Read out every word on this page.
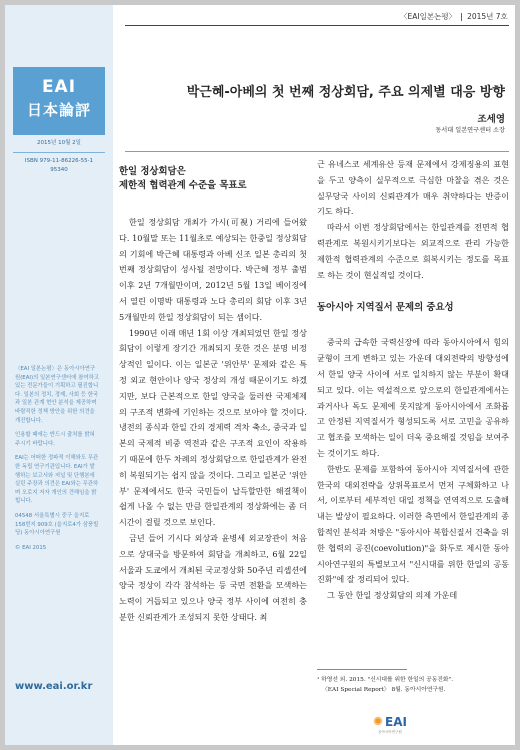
EAI
日本論評
2015년 10월 2일
ISBN 979-11-86226-55-1
95340

〈EAI 일본논평〉은 동아시아연구원(EAI)의 일본연구센터에 참여하고 있는 전문가들이 기획하고 필진합니다. 일본의 정치, 경제, 사회 등 한국과 일본 관계 현안 분석을 제공하며 바람직한 정책 방안을 위한 의견을 개진합니다.

인용할 때에는 반드시 출처를 밝혀주시기 바랍니다.

EAI는 어떠한 정파적 이해와도 무관한 독립 연구기관입니다. EAI가 발행하는 보고서와 저널 및 단행본에 실린 주장과 의견은 EAI와는 무관하며 오로지 저자 개인의 견해임을 밝힙니다.

04548 서울특별시 중구 을지로 158번지 909호 (을지로4가 삼풍빌딩) 동아시아연구원

© EAI 2015

www.eai.or.kr
〈EAI일본논평〉 2015년 7호
박근혜-아베의 첫 번째 정상회담, 주요 의제별 대응 방향
조세영
동서대 일본연구센터 소장
한일 정상회담은
제한적 협력관계 수준을 목표로

한일 정상회담 개최가 가시(可視) 거리에 들어왔다. 10월말 또는 11월초로 예상되는 한중일 정상회담의 기회에 박근혜 대통령과 아베 신조 일본 총리의 첫 번째 정상회담이 성사될 전망이다. 박근혜 정부 출범 이후 2년 7개월만이며, 2012년 5월 13일 베이징에서 열린 이명박 대통령과 노다 총리의 회담 이후 3년 5개월만의 한일 정상회담이 되는 셈이다.

1990년 이래 매년 1회 이상 개최되었던 한일 정상회담이 이렇게 장기간 개최되지 못한 것은 분명 비정상적인 일이다. 이는 일본군 '위안부' 문제와 같은 특정 외교 현안이나 양국 정상의 개성 때문이기도 하겠지만, 보다 근본적으로 한일 양국을 둘러싼 국제체제의 구조적 변화에 기인하는 것으로 보아야 할 것이다. 냉전의 종식과 한일 간의 경제력 격차 축소, 중국과 일본의 국제적 비중 역전과 같은 구조적 요인이 작용하기 때문에 한두 차례의 정상회담으로 한일관계가 완전히 복원되기는 쉽지 않을 것이다. 그리고 일본군 '위안부' 문제에서도 한국 국민들이 납득할만한 해결책이 쉽게 나올 수 없는 만큼 한일관계의 정상화에는 좀 더 시간이 걸릴 것으로 보인다.

금년 들어 기시다 외상과 윤병세 외교장관이 처음으로 상대국을 방문하여 회담을 개최하고, 6월 22일 서울과 도쿄에서 개최된 국교정상화 50주년 리셉션에 양국 정상이 각각 참석하는 등 국면 전환을 모색하는 노력이 거듭되고 있으나 양국 정부 사이에 여전히 충분한 신뢰관계가 조성되지 못한 상태다. 최

근 유네스코 세계유산 등재 문제에서 강제징용의 표현을 두고 양측이 실무적으로 극심한 마찰을 겪은 것은 실무당국 사이의 신뢰관계가 매우 취약하다는 반증이기도 하다.

따라서 이번 정상회담에서는 한일관계를 전면적 협력관계로 복원시키기보다는 외교적으로 관리 가능한 제한적 협력관계의 수준으로 회복시키는 정도를 목표로 하는 것이 현실적일 것이다.

동아시아 지역질서 문제의 중요성

중국의 급속한 국력신장에 따라 동아시아에서 힘의 균형이 크게 변하고 있는 가운데 대외전략의 방향성에서 한일 양국 사이에 서로 일치하지 않는 부분이 확대되고 있다. 이는 역설적으로 앞으로의 한일관계에서는 과거사나 독도 문제에 못지않게 동아시아에서 조화롭고 안정된 지역질서가 형성되도록 서로 고민을 공유하고 협조를 모색하는 일이 더욱 중요해질 것임을 보여주는 것이기도 하다.

한반도 문제를 포함하여 동아시아 지역질서에 관한 한국의 대외전략을 상위목표로서 먼저 구체화하고 나서, 이로부터 세부적인 대일 정책을 연역적으로 도출해 내는 발상이 필요하다. 이러한 측면에서 한일관계의 종합적인 분석과 처방은 "동아시아 복합신질서 건축을 위한 협력의 공진(coevolution)"을 화두로 제시한 동아시아연구원의 특별보고서 "신시대를 위한 한일의 공동진화"에 잘 정리되어 있다.

그 동안 한일 정상회담의 의제 가운데

¹ 하영선 외. 2015. "신시대를 위한 한일의 공동진화".
〈EAI Special Report〉 8월. 동아시아연구원.
EAI
동아시아연구원
